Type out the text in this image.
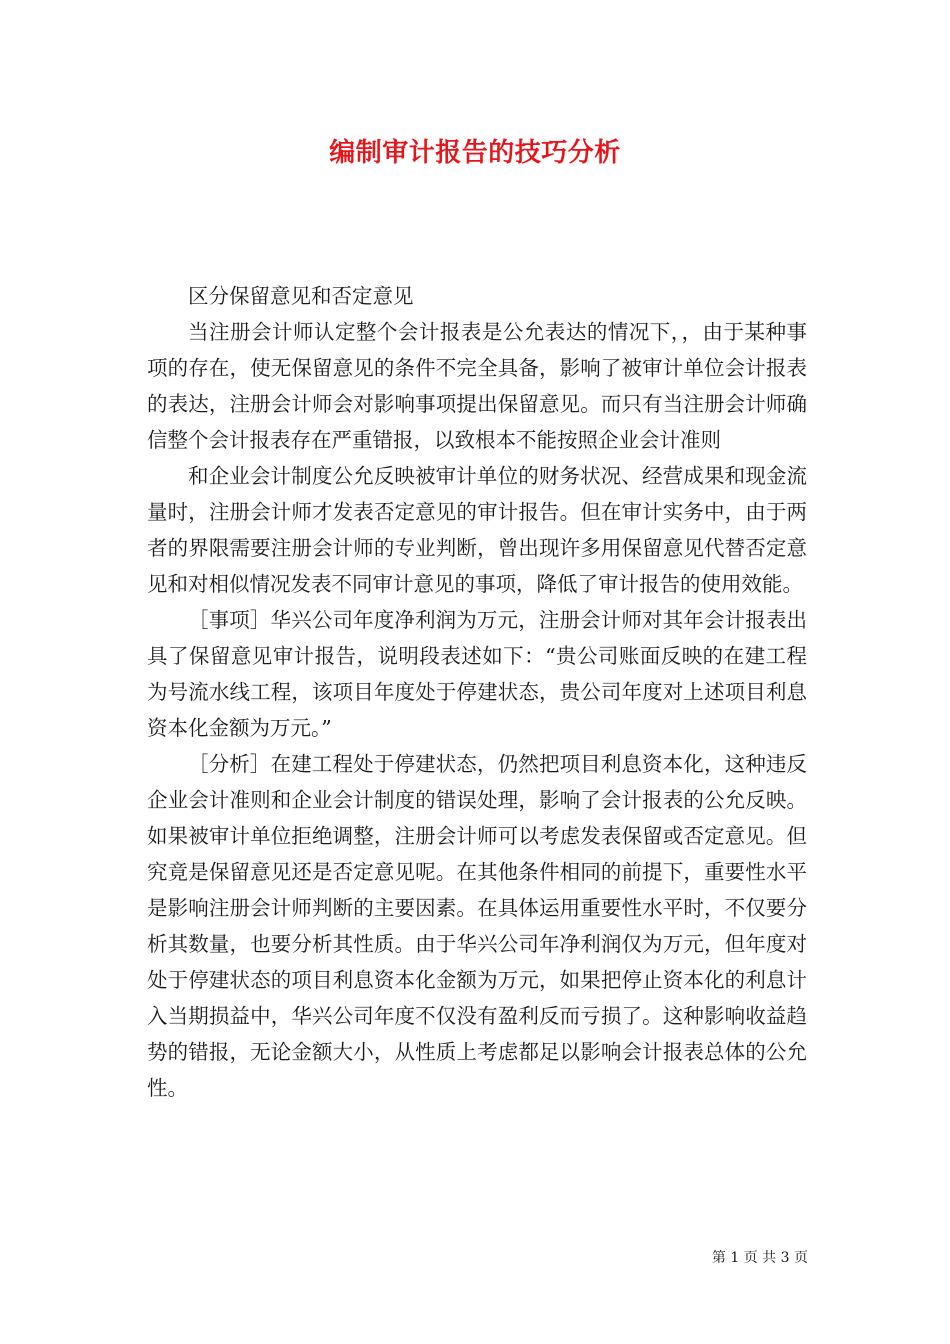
编制审计报告的技巧分析

区分保留意见和否定意见

当注册会计师认定整个会计报表是公允表达的情况下，，由于某种事项的存在，使无保留意见的条件不完全具备，影响了被审计单位会计报表的表达，注册会计师会对影响事项提出保留意见。而只有当注册会计师确信整个会计报表存在严重错报，以致根本不能按照企业会计准则

和企业会计制度公允反映被审计单位的财务状况、经营成果和现金流量时，注册会计师才发表否定意见的审计报告。但在审计实务中，由于两者的界限需要注册会计师的专业判断，曾出现许多用保留意见代替否定意见和对相似情况发表不同审计意见的事项，降低了审计报告的使用效能。

［事项］华兴公司年度净利润为万元，注册会计师对其年会计报表出具了保留意见审计报告，说明段表述如下：“贵公司账面反映的在建工程为号流水线工程，该项目年度处于停建状态，贵公司年度对上述项目利息资本化金额为万元。”

［分析］在建工程处于停建状态，仍然把项目利息资本化，这种违反企业会计准则和企业会计制度的错误处理，影响了会计报表的公允反映。如果被审计单位拒绝调整，注册会计师可以考虑发表保留或否定意见。但究竟是保留意见还是否定意见呢。在其他条件相同的前提下，重要性水平是影响注册会计师判断的主要因素。在具体运用重要性水平时，不仅要分析其数量，也要分析其性质。由于华兴公司年净利润仅为万元，但年度对处于停建状态的项目利息资本化金额为万元，如果把停止资本化的利息计入当期损益中，华兴公司年度不仅没有盈利反而亏损了。这种影响收益趋势的错报，无论金额大小，从性质上考虑都足以影响会计报表总体的公允性。

第 1 页 共 3 页
